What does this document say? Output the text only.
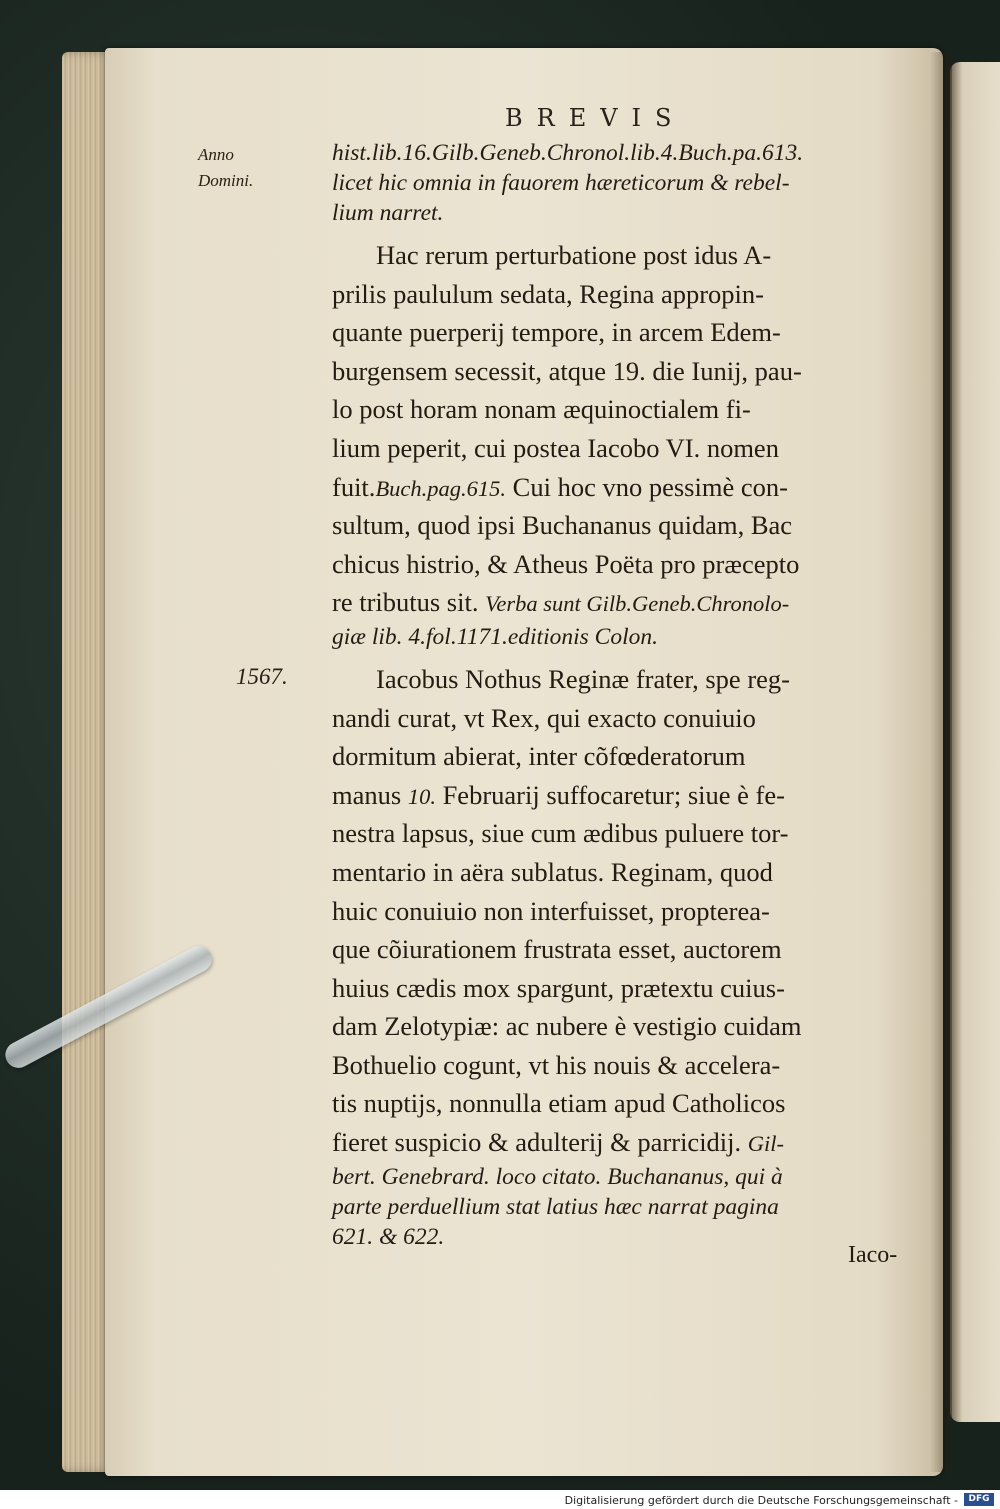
BREVIS
Anno Domini.
1567.
hist.lib.16.Gilb.Geneb.Chronol.lib.4.Buch.pa.613.
licet hic omnia in fauorem hæreticorum & rebel-
lium narret.
Hac rerum perturbatione post idus A-
prilis paululum sedata, Regina appropin-
quante puerperij tempore, in arcem Edem-
burgensem secessit, atque 19. die Iunij, pau-
lo post horam nonam æquinoctialem fi-
lium peperit, cui postea Iacobo VI. nomen
fuit.Buch.pag.615. Cui hoc vno pessimè con-
sultum, quod ipsi Buchananus quidam, Bac
chicus histrio, & Atheus Poëta pro præcepto
re tributus sit. Verba sunt Gilb.Geneb.Chronolo-
giæ lib. 4.fol.1171.editionis Colon.
Iacobus Nothus Reginæ frater, spe reg-
nandi curat, vt Rex, qui exacto conuiuio
dormitum abierat, inter cõfœderatorum
manus 10. Februarij suffocaretur; siue è fe-
nestra lapsus, siue cum ædibus puluere tor-
mentario in aëra sublatus. Reginam, quod
huic conuiuio non interfuisset, propterea-
que cõiurationem frustrata esset, auctorem
huius cædis mox spargunt, prætextu cuius-
dam Zelotypiæ: ac nubere è vestigio cuidam
Bothuelio cogunt, vt his nouis & accelera-
tis nuptijs, nonnulla etiam apud Catholicos
fieret suspicio & adulterij & parricidij. Gil-
bert. Genebrard. loco citato. Buchananus, qui à
parte perduellium stat latius hæc narrat pagina
621. & 622.
Iaco-
Digitalisierung gefördert durch die Deutsche Forschungsgemeinschaft -	DFG
